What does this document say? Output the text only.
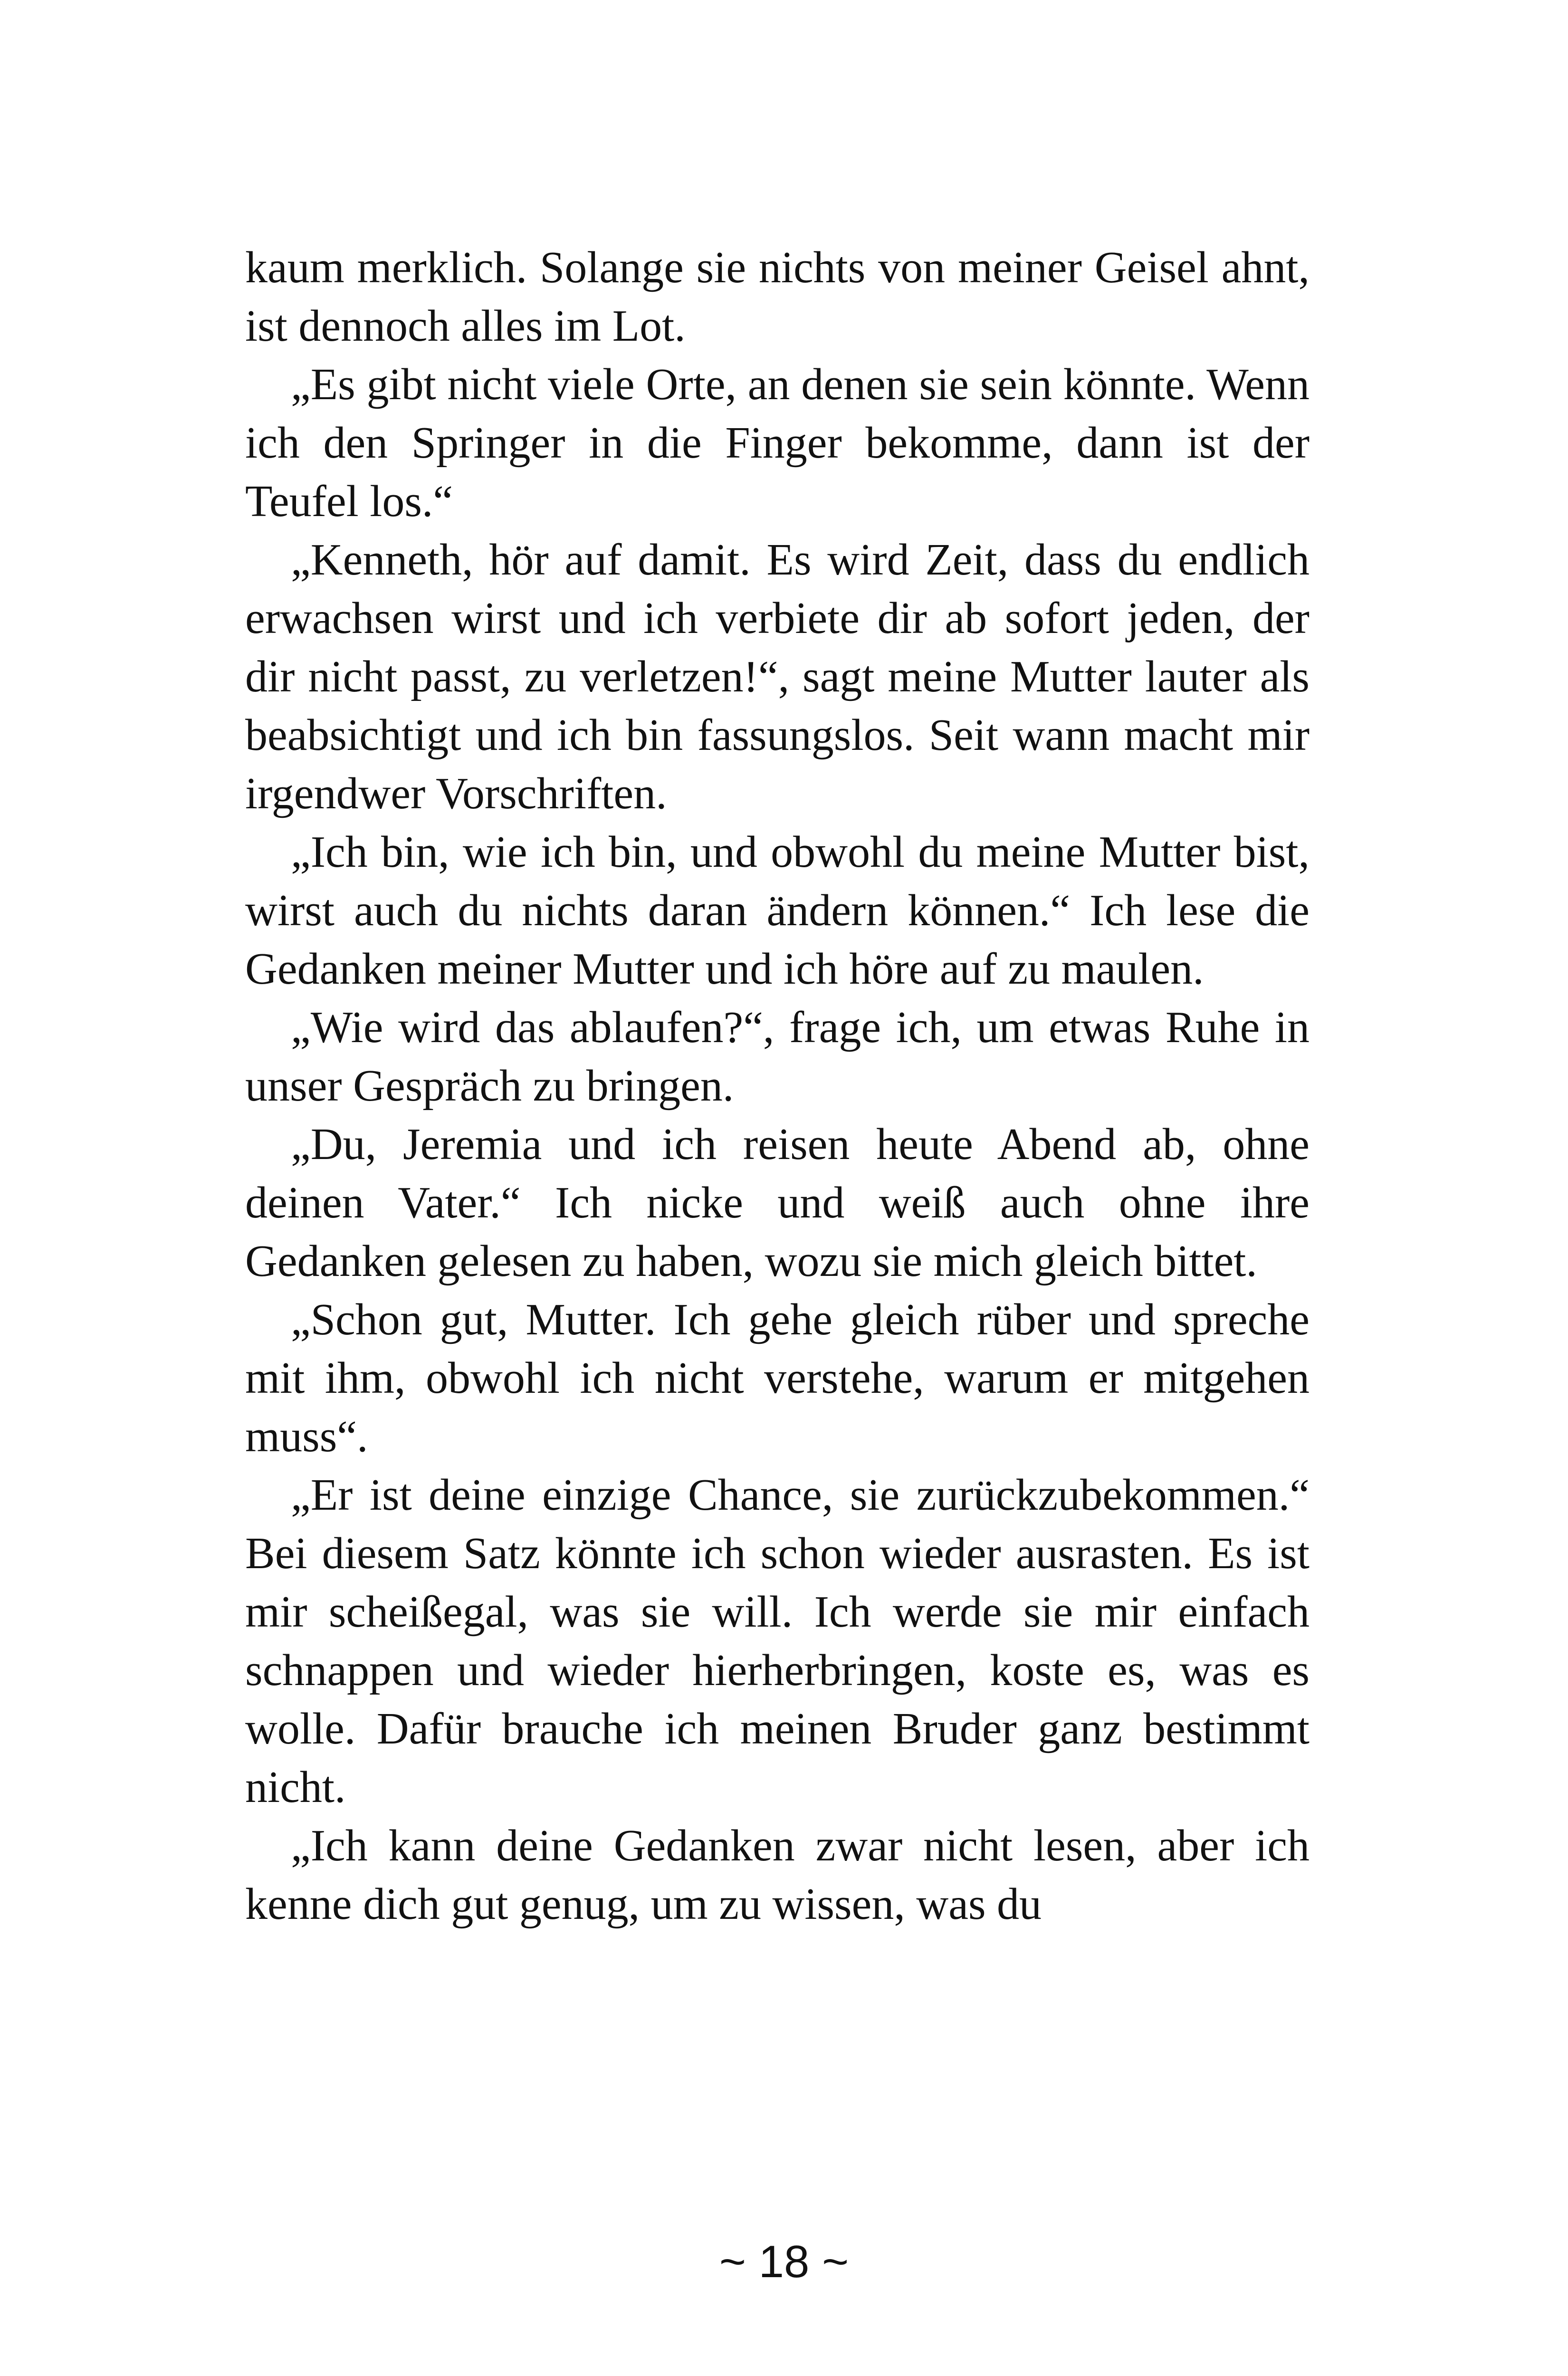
kaum merklich. Solange sie nichts von meiner Geisel ahnt, ist dennoch alles im Lot.

„Es gibt nicht viele Orte, an denen sie sein könnte. Wenn ich den Springer in die Finger bekomme, dann ist der Teufel los.“

„Kenneth, hör auf damit. Es wird Zeit, dass du endlich erwachsen wirst und ich verbiete dir ab sofort jeden, der dir nicht passt, zu verletzen!“, sagt meine Mutter lauter als beabsichtigt und ich bin fassungslos. Seit wann macht mir irgendwer Vorschriften.

„Ich bin, wie ich bin, und obwohl du meine Mutter bist, wirst auch du nichts daran ändern können.“ Ich lese die Gedanken meiner Mutter und ich höre auf zu maulen.

„Wie wird das ablaufen?“, frage ich, um etwas Ruhe in unser Gespräch zu bringen.

„Du, Jeremia und ich reisen heute Abend ab, ohne deinen Vater.“ Ich nicke und weiß auch ohne ihre Gedanken gelesen zu haben, wozu sie mich gleich bittet.

„Schon gut, Mutter. Ich gehe gleich rüber und spreche mit ihm, obwohl ich nicht verstehe, warum er mitgehen muss“.

„Er ist deine einzige Chance, sie zurückzubekommen.“ Bei diesem Satz könnte ich schon wieder ausrasten. Es ist mir scheißegal, was sie will. Ich werde sie mir einfach schnappen und wieder hierherbringen, koste es, was es wolle. Dafür brauche ich meinen Bruder ganz bestimmt nicht.

„Ich kann deine Gedanken zwar nicht lesen, aber ich kenne dich gut genug, um zu wissen, was du

~ 18 ~
